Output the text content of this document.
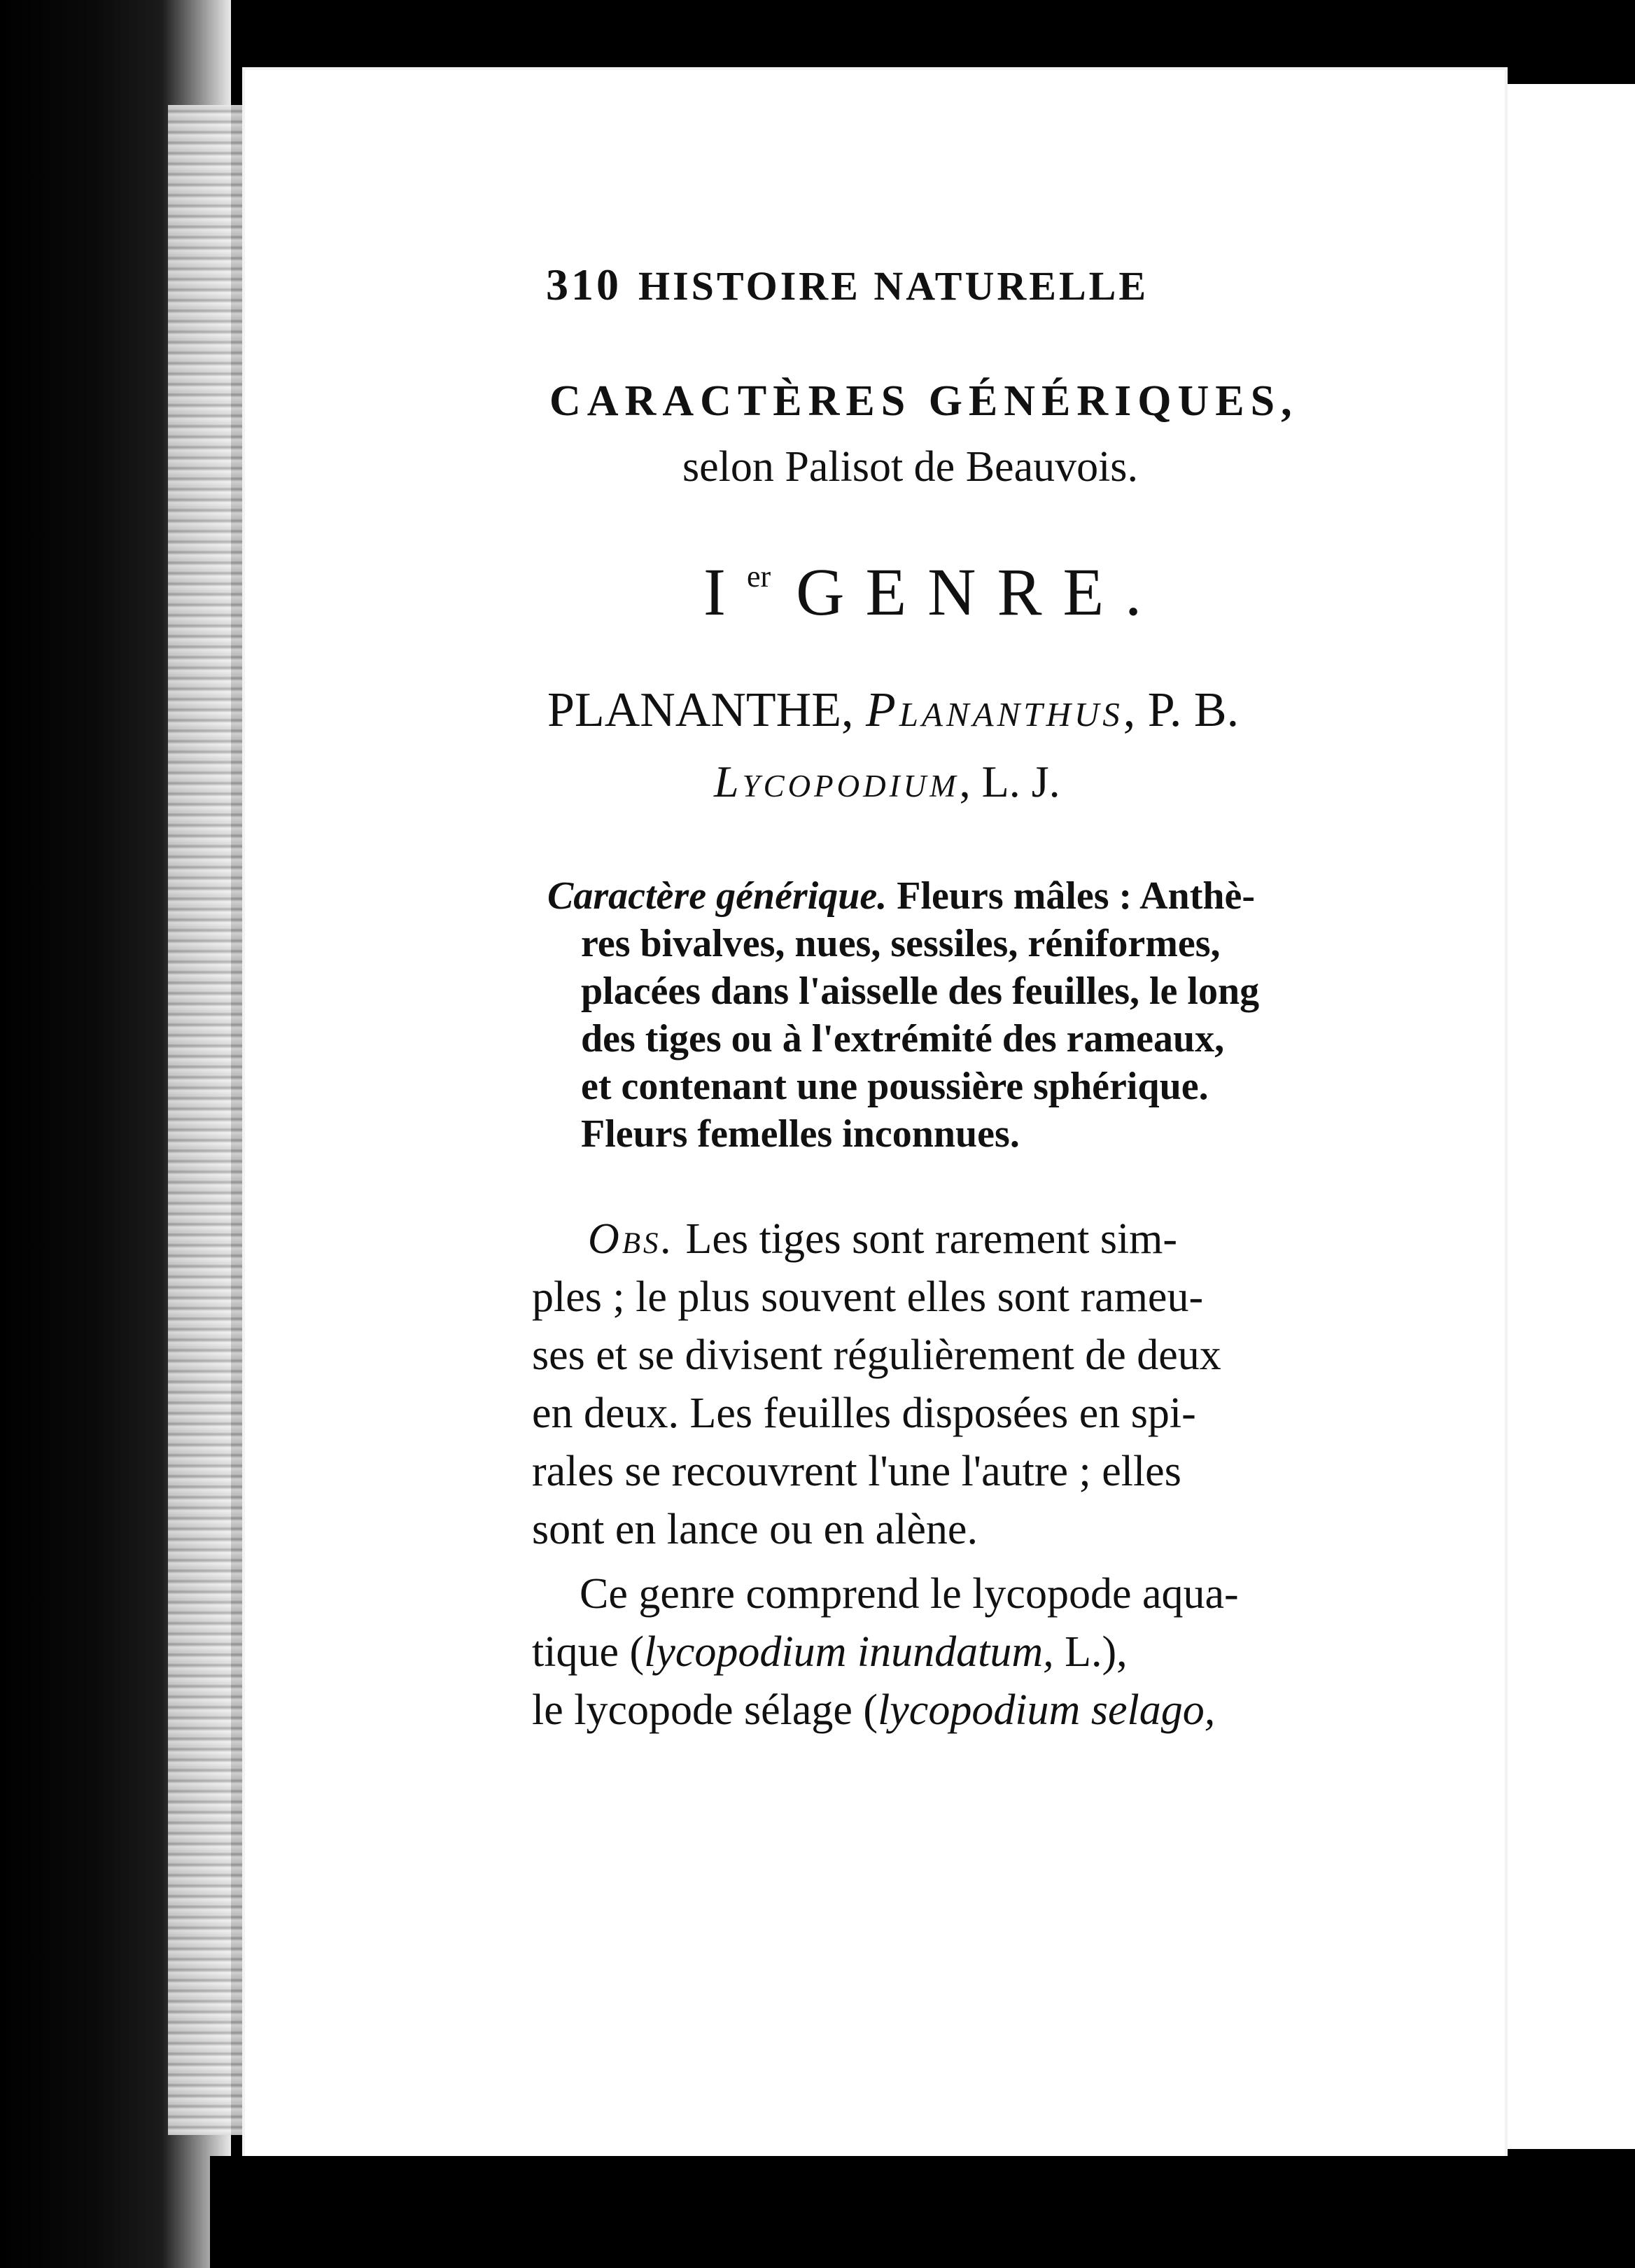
310 HISTOIRE NATURELLE
CARACTÈRES GÉNÉRIQUES,
selon Palisot de Beauvois.
Ier GENRE.
PLANANTHE, Plananthus, P. B.
Lycopodium, L. J.
Caractère générique. Fleurs mâles : Anthè-
res bivalves, nues, sessiles, réniformes,
placées dans l'aisselle des feuilles, le long
des tiges ou à l'extrémité des rameaux,
et contenant une poussière sphérique.
Fleurs femelles inconnues.
Obs. Les tiges sont rarement sim-
ples ; le plus souvent elles sont rameu-
ses et se divisent régulièrement de deux
en deux. Les feuilles disposées en spi-
rales se recouvrent l'une l'autre ; elles
sont en lance ou en alène.
Ce genre comprend le lycopode aqua-
tique (lycopodium inundatum, L.),
le lycopode sélage (lycopodium selago,
